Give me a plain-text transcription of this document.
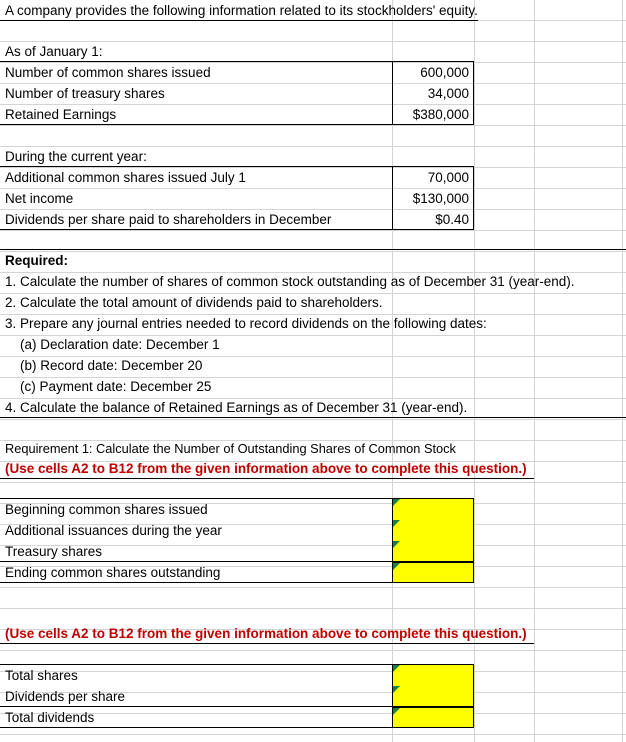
A company provides the following information related to its stockholders' equity.
As of January 1:
Number of common shares issued
Number of treasury shares
Retained Earnings
600,000
34,000
$380,000
During the current year:
Additional common shares issued July 1
Net income
Dividends per share paid to shareholders in December
70,000
$130,000
$0.40
Required:
1. Calculate the number of shares of common stock outstanding as of December 31 (year-end).
2. Calculate the total amount of dividends paid to shareholders.
3. Prepare any journal entries needed to record dividends on the following dates:
(a) Declaration date: December 1
(b) Record date: December 20
(c) Payment date: December 25
4. Calculate the balance of Retained Earnings as of December 31 (year-end).
Requirement 1: Calculate the Number of Outstanding Shares of Common Stock
(Use cells A2 to B12 from the given information above to complete this question.)
Beginning common shares issued
Additional issuances during the year
Treasury shares
Ending common shares outstanding
(Use cells A2 to B12 from the given information above to complete this question.)
Total shares
Dividends per share
Total dividends
